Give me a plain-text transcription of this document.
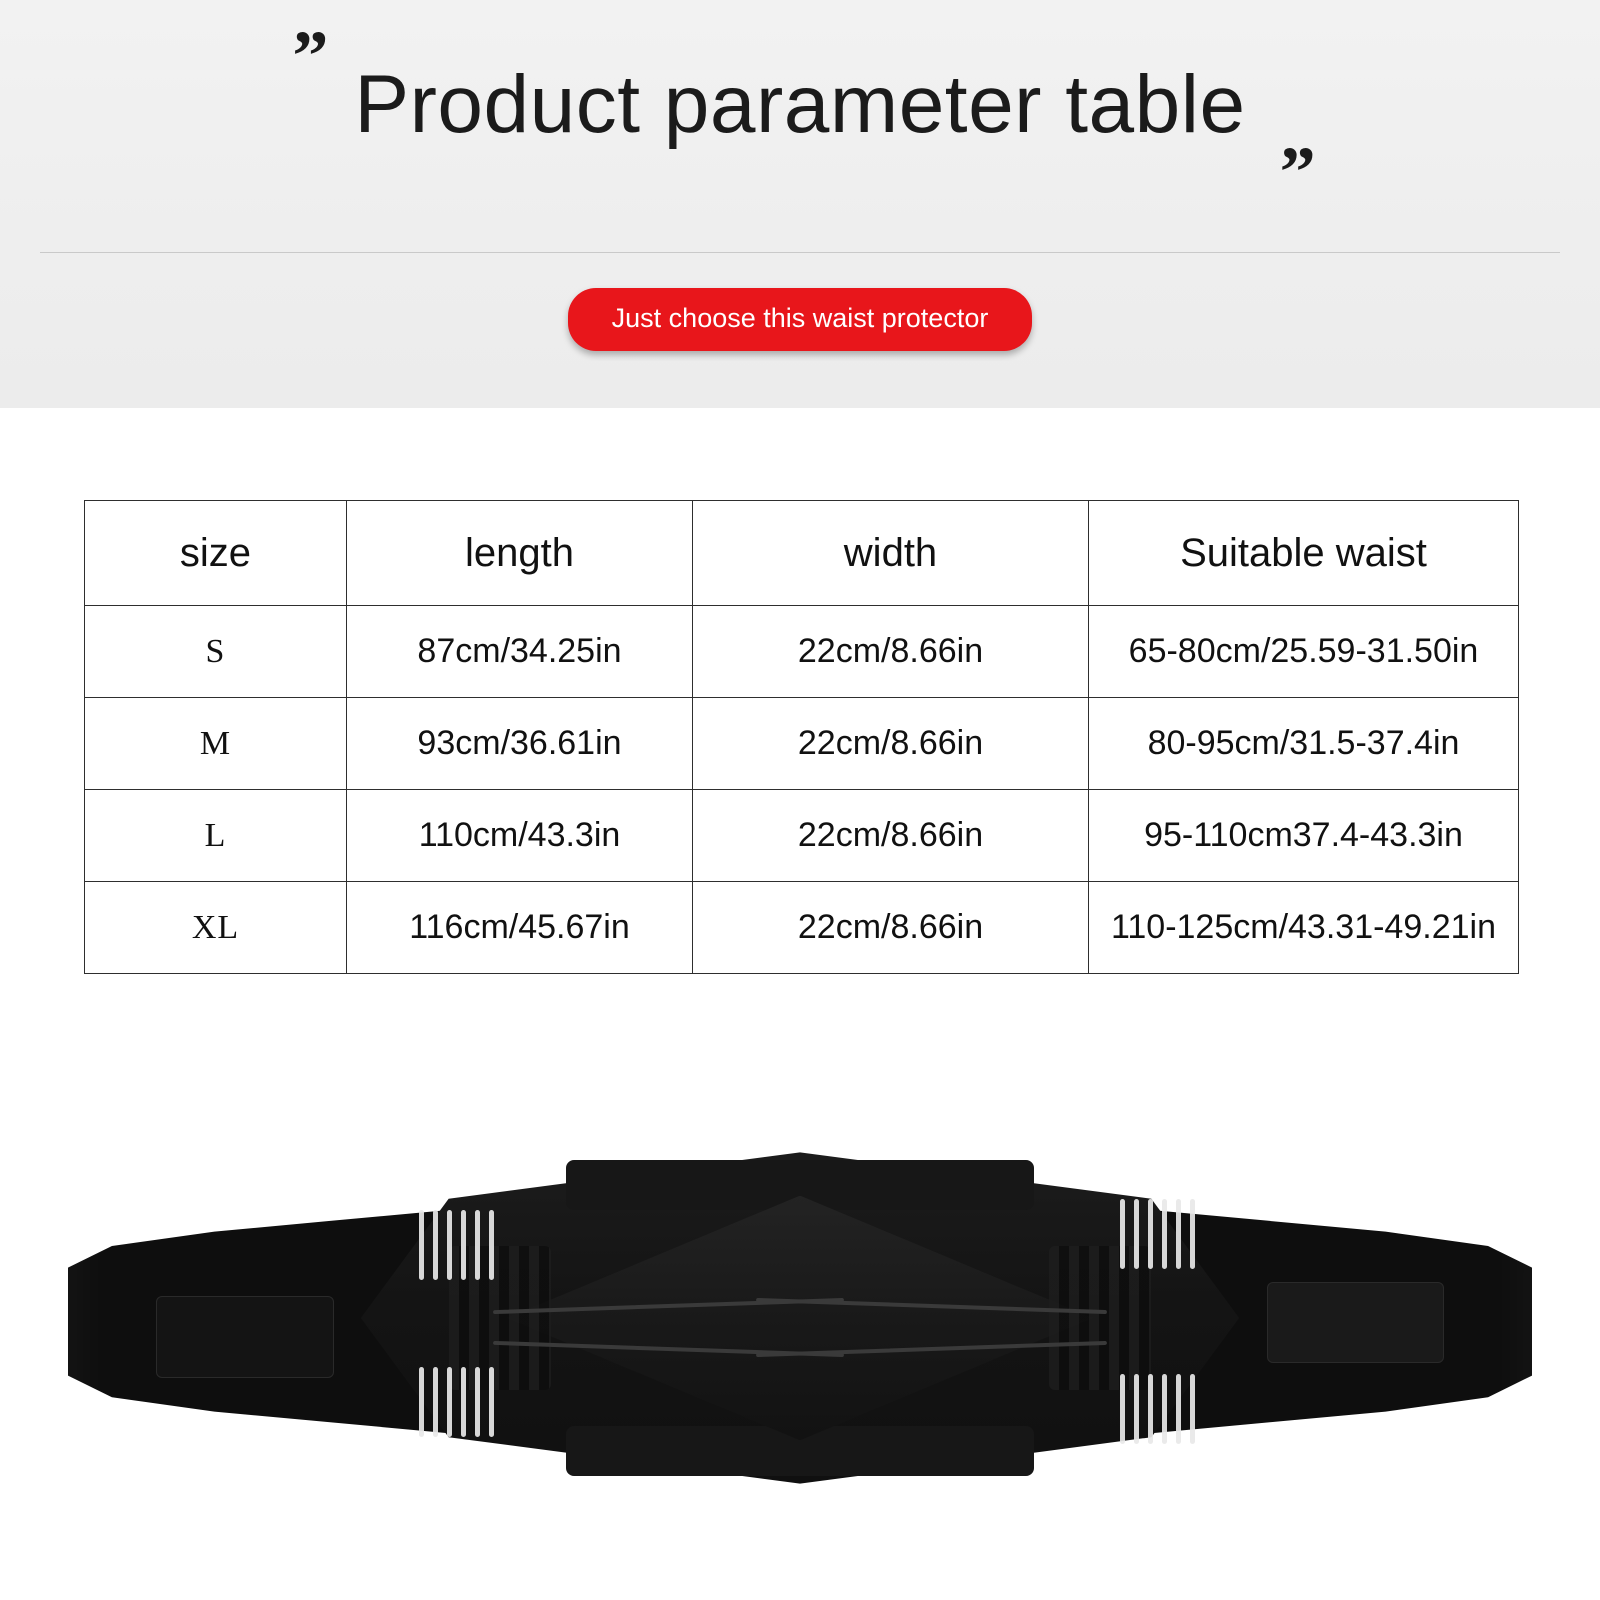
”
Product parameter table
”
Just choose this waist protector
size	length	width	Suitable waist
S	87cm/34.25in	22cm/8.66in	65-80cm/25.59-31.50in
M	93cm/36.61in	22cm/8.66in	80-95cm/31.5-37.4in
L	110cm/43.3in	22cm/8.66in	95-110cm37.4-43.3in
XL	116cm/45.67in	22cm/8.66in	110-125cm/43.31-49.21in
